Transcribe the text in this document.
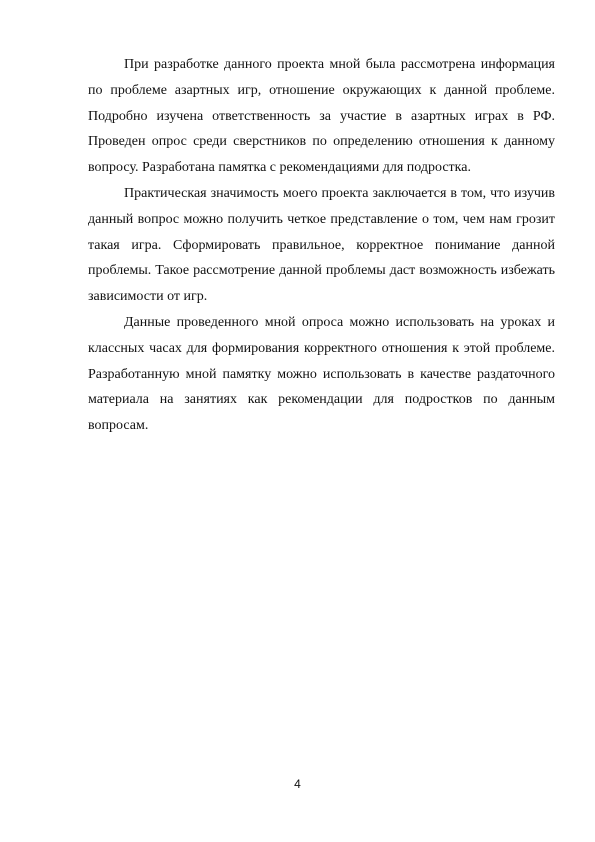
При разработке данного проекта мной была рассмотрена информация
по проблеме азартных игр, отношение окружающих к данной проблеме.
Подробно изучена ответственность за участие в азартных играх в РФ.
Проведен опрос среди сверстников по определению отношения к данному
вопросу. Разработана памятка с рекомендациями для подростка.

Практическая значимость моего проекта заключается в том, что изучив
данный вопрос можно получить четкое представление о том, чем нам грозит
такая игра. Сформировать правильное, корректное понимание данной
проблемы. Такое рассмотрение данной проблемы даст возможность избежать
зависимости от игр.

Данные проведенного мной опроса можно использовать на уроках и
классных часах для формирования корректного отношения к этой проблеме.
Разработанную мной памятку можно использовать в качестве раздаточного
материала на занятиях как рекомендации для подростков по данным
вопросам.

4
